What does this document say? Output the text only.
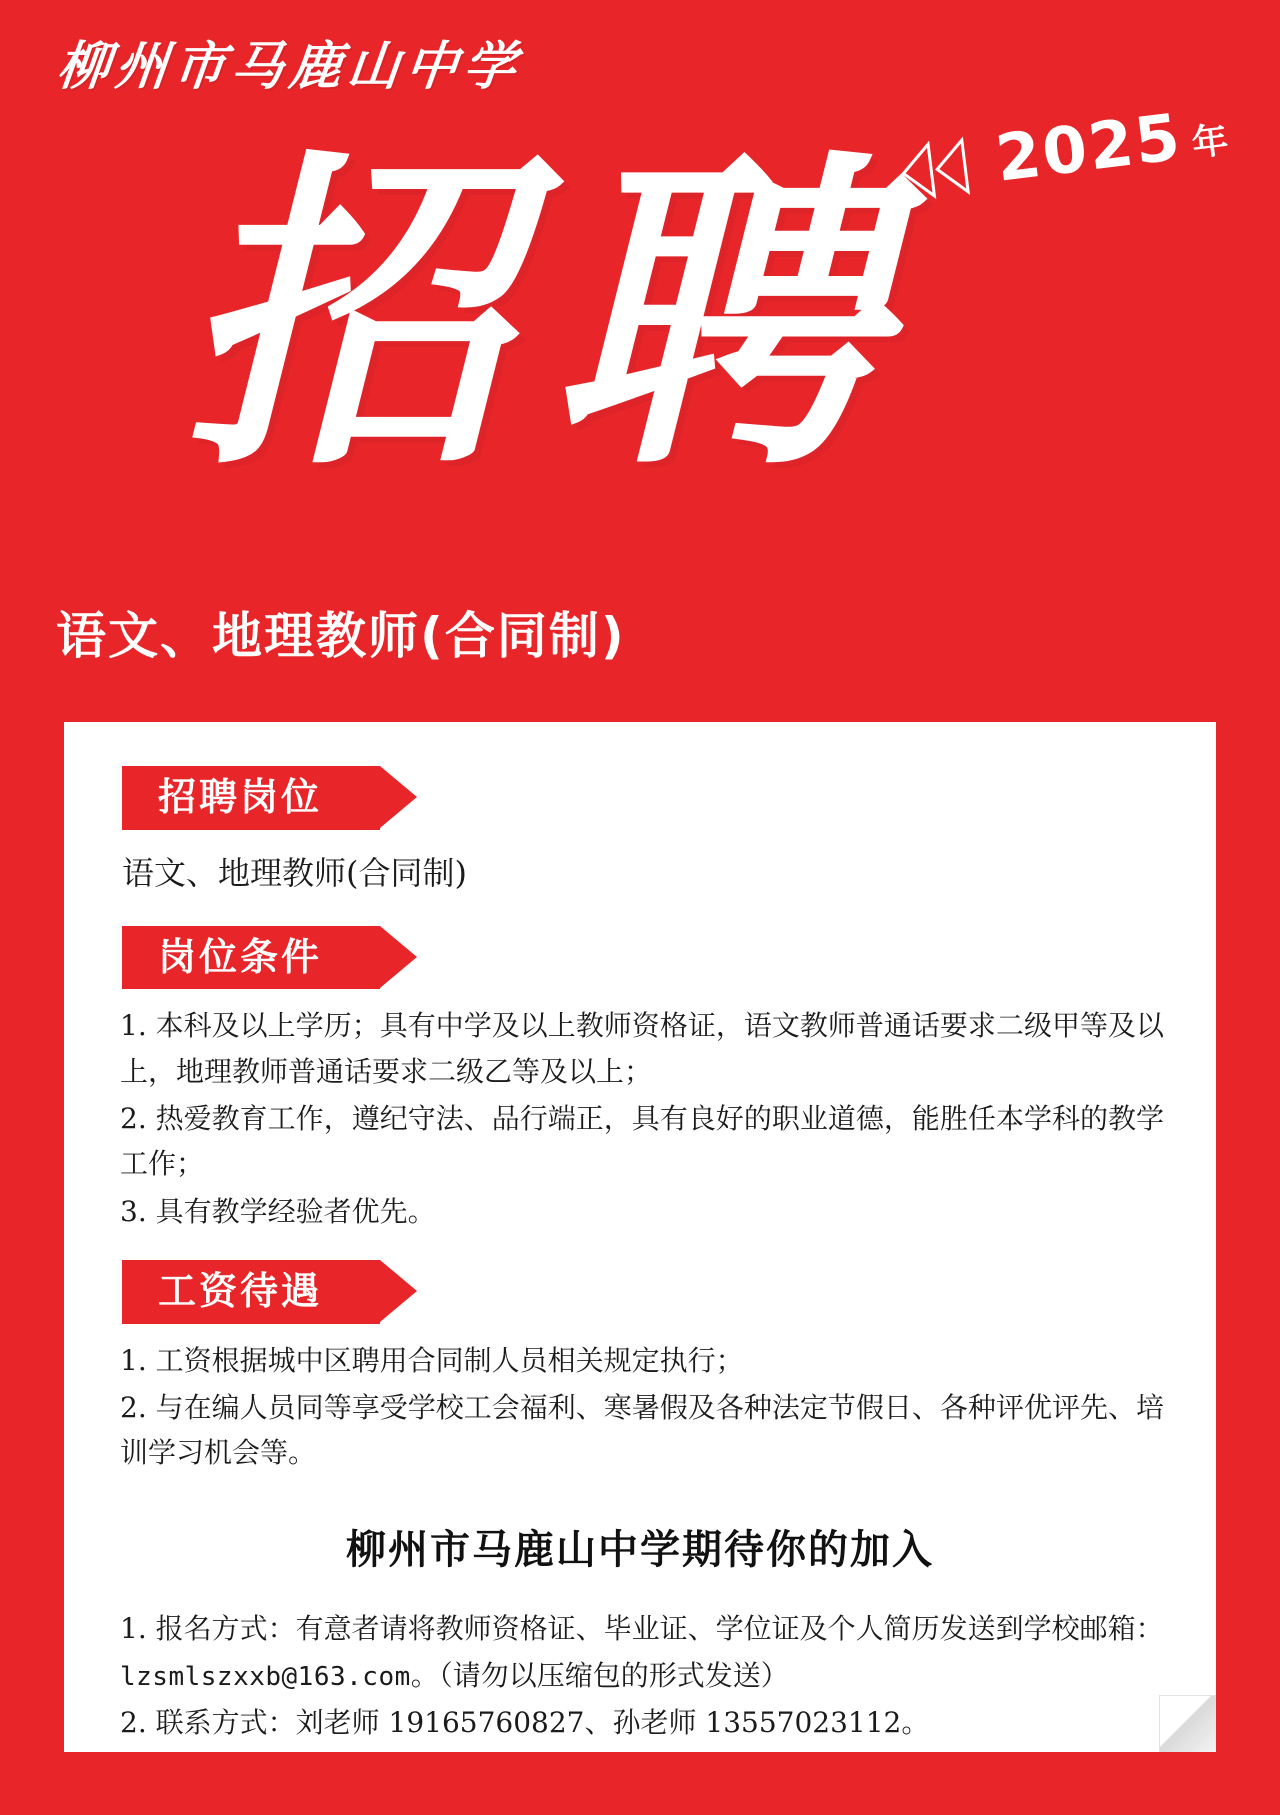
柳州市马鹿山中学
2025 年
招聘
语文、地理教师(合同制)
招聘岗位

语文、地理教师(合同制)

岗位条件

1. 本科及以上学历；具有中学及以上教师资格证，语文教师普通话要求二级甲等及以上，地理教师普通话要求二级乙等及以上；

2. 热爱教育工作，遵纪守法、品行端正，具有良好的职业道德，能胜任本学科的教学工作；

3. 具有教学经验者优先。

工资待遇

1. 工资根据城中区聘用合同制人员相关规定执行；

2. 与在编人员同等享受学校工会福利、寒暑假及各种法定节假日、各种评优评先、培训学习机会等。

柳州市马鹿山中学期待你的加入

1. 报名方式：有意者请将教师资格证、毕业证、学位证及个人简历发送到学校邮箱：lzsmlszxxb@163.com。（请勿以压缩包的形式发送）

2. 联系方式：刘老师 19165760827、孙老师 13557023112。
